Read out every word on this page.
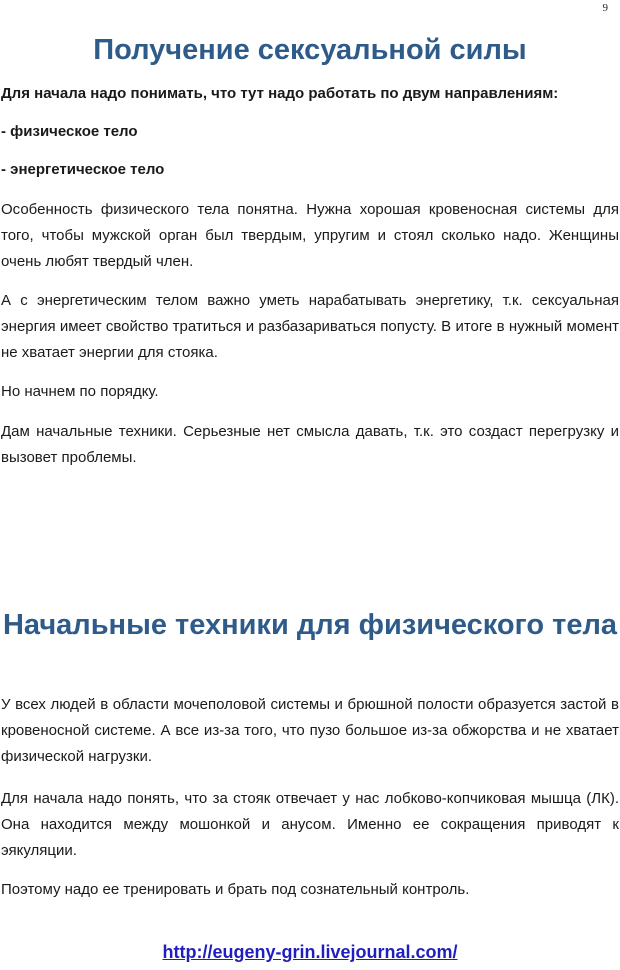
9
Получение сексуальной силы

Для начала надо понимать, что тут надо работать по двум направлениям:

- физическое тело

- энергетическое тело

Особенность физического тела понятна. Нужна хорошая кровеносная системы для того, чтобы мужской орган был твердым, упругим и стоял сколько надо. Женщины очень любят твердый член.

А с энергетическим телом важно уметь нарабатывать энергетику, т.к. сексуальная энергия имеет свойство тратиться и разбазариваться попусту. В итоге в нужный момент не хватает энергии для стояка.

Но начнем по порядку.

Дам начальные техники. Серьезные нет смысла давать, т.к. это создаст перегрузку и вызовет проблемы.

Начальные техники для физического тела

У всех людей в области мочеполовой системы и брюшной полости образуется застой в кровеносной системе. А все из-за того, что пузо большое из-за обжорства и не хватает физической нагрузки.

Для начала надо понять, что за стояк отвечает у нас лобково-копчиковая мышца (ЛК). Она находится между мошонкой и анусом. Именно ее сокращения приводят к эякуляции.

Поэтому надо ее тренировать и брать под сознательный контроль.

http://eugeny-grin.livejournal.com/
